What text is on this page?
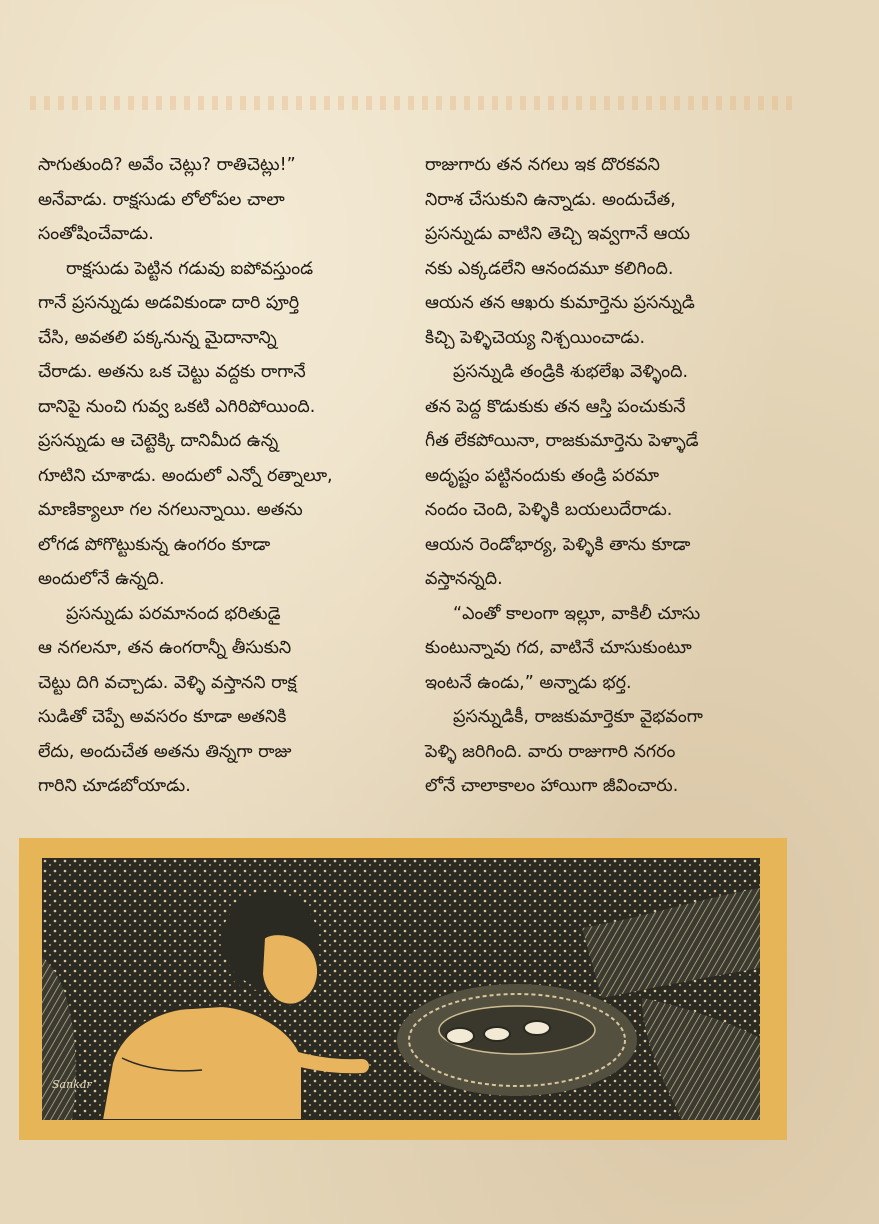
సాగుతుంది? అవేం చెట్లు? రాతిచెట్లు!”
అనేవాడు. రాక్షసుడు లోలోపల చాలా
సంతోషించేవాడు.

రాక్షసుడు పెట్టిన గడువు ఐపోవస్తుండ
గానే ప్రసన్నుడు అడవికుండా దారి పూర్తి
చేసి, అవతలి పక్కనున్న మైదానాన్ని
చేరాడు. అతను ఒక చెట్టు వద్దకు రాగానే
దానిపై నుంచి గువ్వ ఒకటి ఎగిరిపోయింది.
ప్రసన్నుడు ఆ చెట్టెక్కి దానిమీద ఉన్న
గూటిని చూశాడు. అందులో ఎన్నో రత్నాలూ,
మాణిక్యాలూ గల నగలున్నాయి. అతను
లోగడ పోగొట్టుకున్న ఉంగరం కూడా
అందులోనే ఉన్నది.

ప్రసన్నుడు పరమానంద భరితుడై
ఆ నగలనూ, తన ఉంగరాన్నీ తీసుకుని
చెట్టు దిగి వచ్చాడు. వెళ్ళి వస్తానని రాక్ష
సుడితో చెప్పే అవసరం కూడా అతనికి
లేదు, అందుచేత అతను తిన్నగా రాజు
గారిని చూడబోయాడు.

రాజుగారు తన నగలు ఇక దొరకవని
నిరాశ చేసుకుని ఉన్నాడు. అందుచేత,
ప్రసన్నుడు వాటిని తెచ్చి ఇవ్వగానే ఆయ
నకు ఎక్కడలేని ఆనందమూ కలిగింది.
ఆయన తన ఆఖరు కుమార్తెను ప్రసన్నుడి
కిచ్చి పెళ్ళిచెయ్య నిశ్చయించాడు.

ప్రసన్నుడి తండ్రికి శుభలేఖ వెళ్ళింది.
తన పెద్ద కొడుకుకు తన ఆస్తి పంచుకునే
గీత లేకపోయినా, రాజకుమార్తెను పెళ్ళాడే
అదృష్టం పట్టినందుకు తండ్రి పరమా
నందం చెంది, పెళ్ళికి బయలుదేరాడు.
ఆయన రెండోభార్య, పెళ్ళికి తాను కూడా
వస్తానన్నది.

“ఎంతో కాలంగా ఇల్లూ, వాకిలీ చూసు
కుంటున్నావు గద, వాటినే చూసుకుంటూ
ఇంటనే ఉండు,” అన్నాడు భర్త.

ప్రసన్నుడికీ, రాజకుమార్తెకూ వైభవంగా
పెళ్ళి జరిగింది. వారు రాజుగారి నగరం
లోనే చాలాకాలం హాయిగా జీవించారు.

Sankar
